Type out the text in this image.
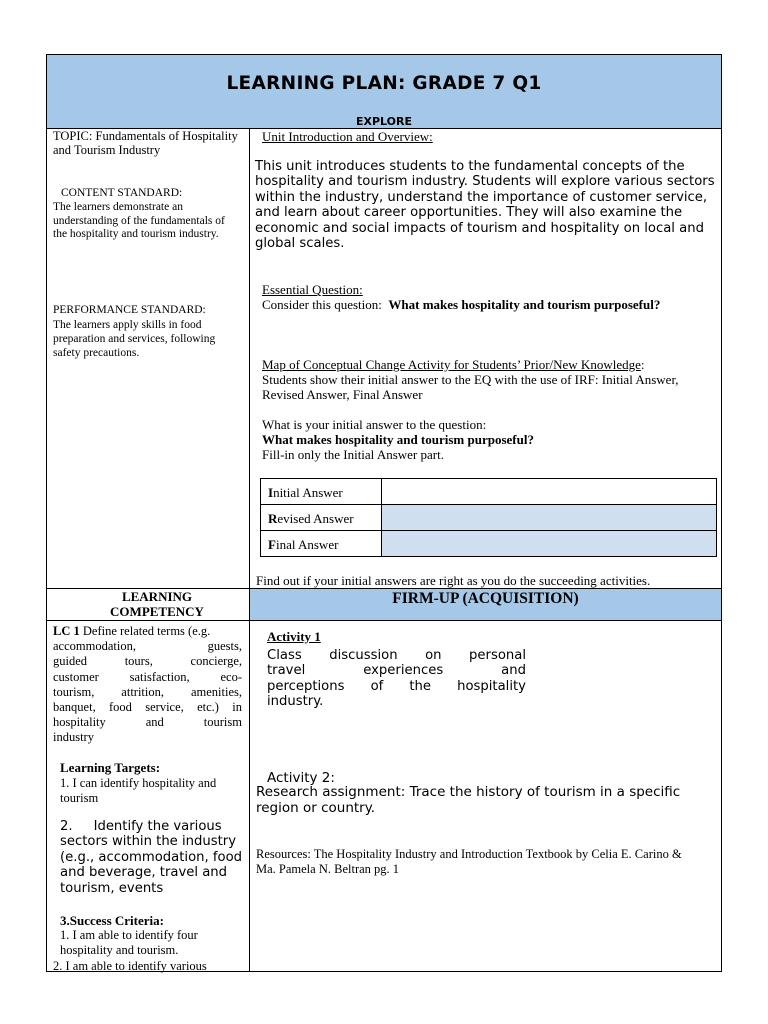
LEARNING PLAN: GRADE 7 Q1
EXPLORE
TOPIC: Fundamentals of Hospitality and Tourism Industry
CONTENT STANDARD:
The learners demonstrate an understanding of the fundamentals of the hospitality and tourism industry.
PERFORMANCE STANDARD:
The learners apply skills in food preparation and services, following safety precautions.
Unit Introduction and Overview:
This unit introduces students to the fundamental concepts of the hospitality and tourism industry. Students will explore various sectors within the industry, understand the importance of customer service, and learn about career opportunities. They will also examine the economic and social impacts of tourism and hospitality on local and global scales.
Essential Question:
Consider this question: What makes hospitality and tourism purposeful?
Map of Conceptual Change Activity for Students’ Prior/New Knowledge:
Students show their initial answer to the EQ with the use of IRF: Initial Answer, Revised Answer, Final Answer
What is your initial answer to the question:
What makes hospitality and tourism purposeful?
Fill-in only the Initial Answer part.
Initial Answer
Revised Answer
Final Answer
Find out if your initial answers are right as you do the succeeding activities.
LEARNING COMPETENCY
FIRM-UP (ACQUISITION)
LC 1 Define related terms (e.g.
accommodation, guests,
guided tours, concierge,
customer satisfaction, eco-
tourism, attrition, amenities,
banquet, food service, etc.) in
hospitality and tourism
industry
Learning Targets:
1. I can identify hospitality and tourism
2. Identify the various sectors within the industry (e.g., accommodation, food and beverage, travel and tourism, events
3.Success Criteria:
1. I am able to identify four hospitality and tourism.
2. I am able to identify various
Activity 1
Class discussion on personal
travel experiences and
perceptions of the hospitality
industry.
Activity 2:
Research assignment: Trace the history of tourism in a specific region or country.
Resources: The Hospitality Industry and Introduction Textbook by Celia E. Carino & Ma. Pamela N. Beltran pg. 1
